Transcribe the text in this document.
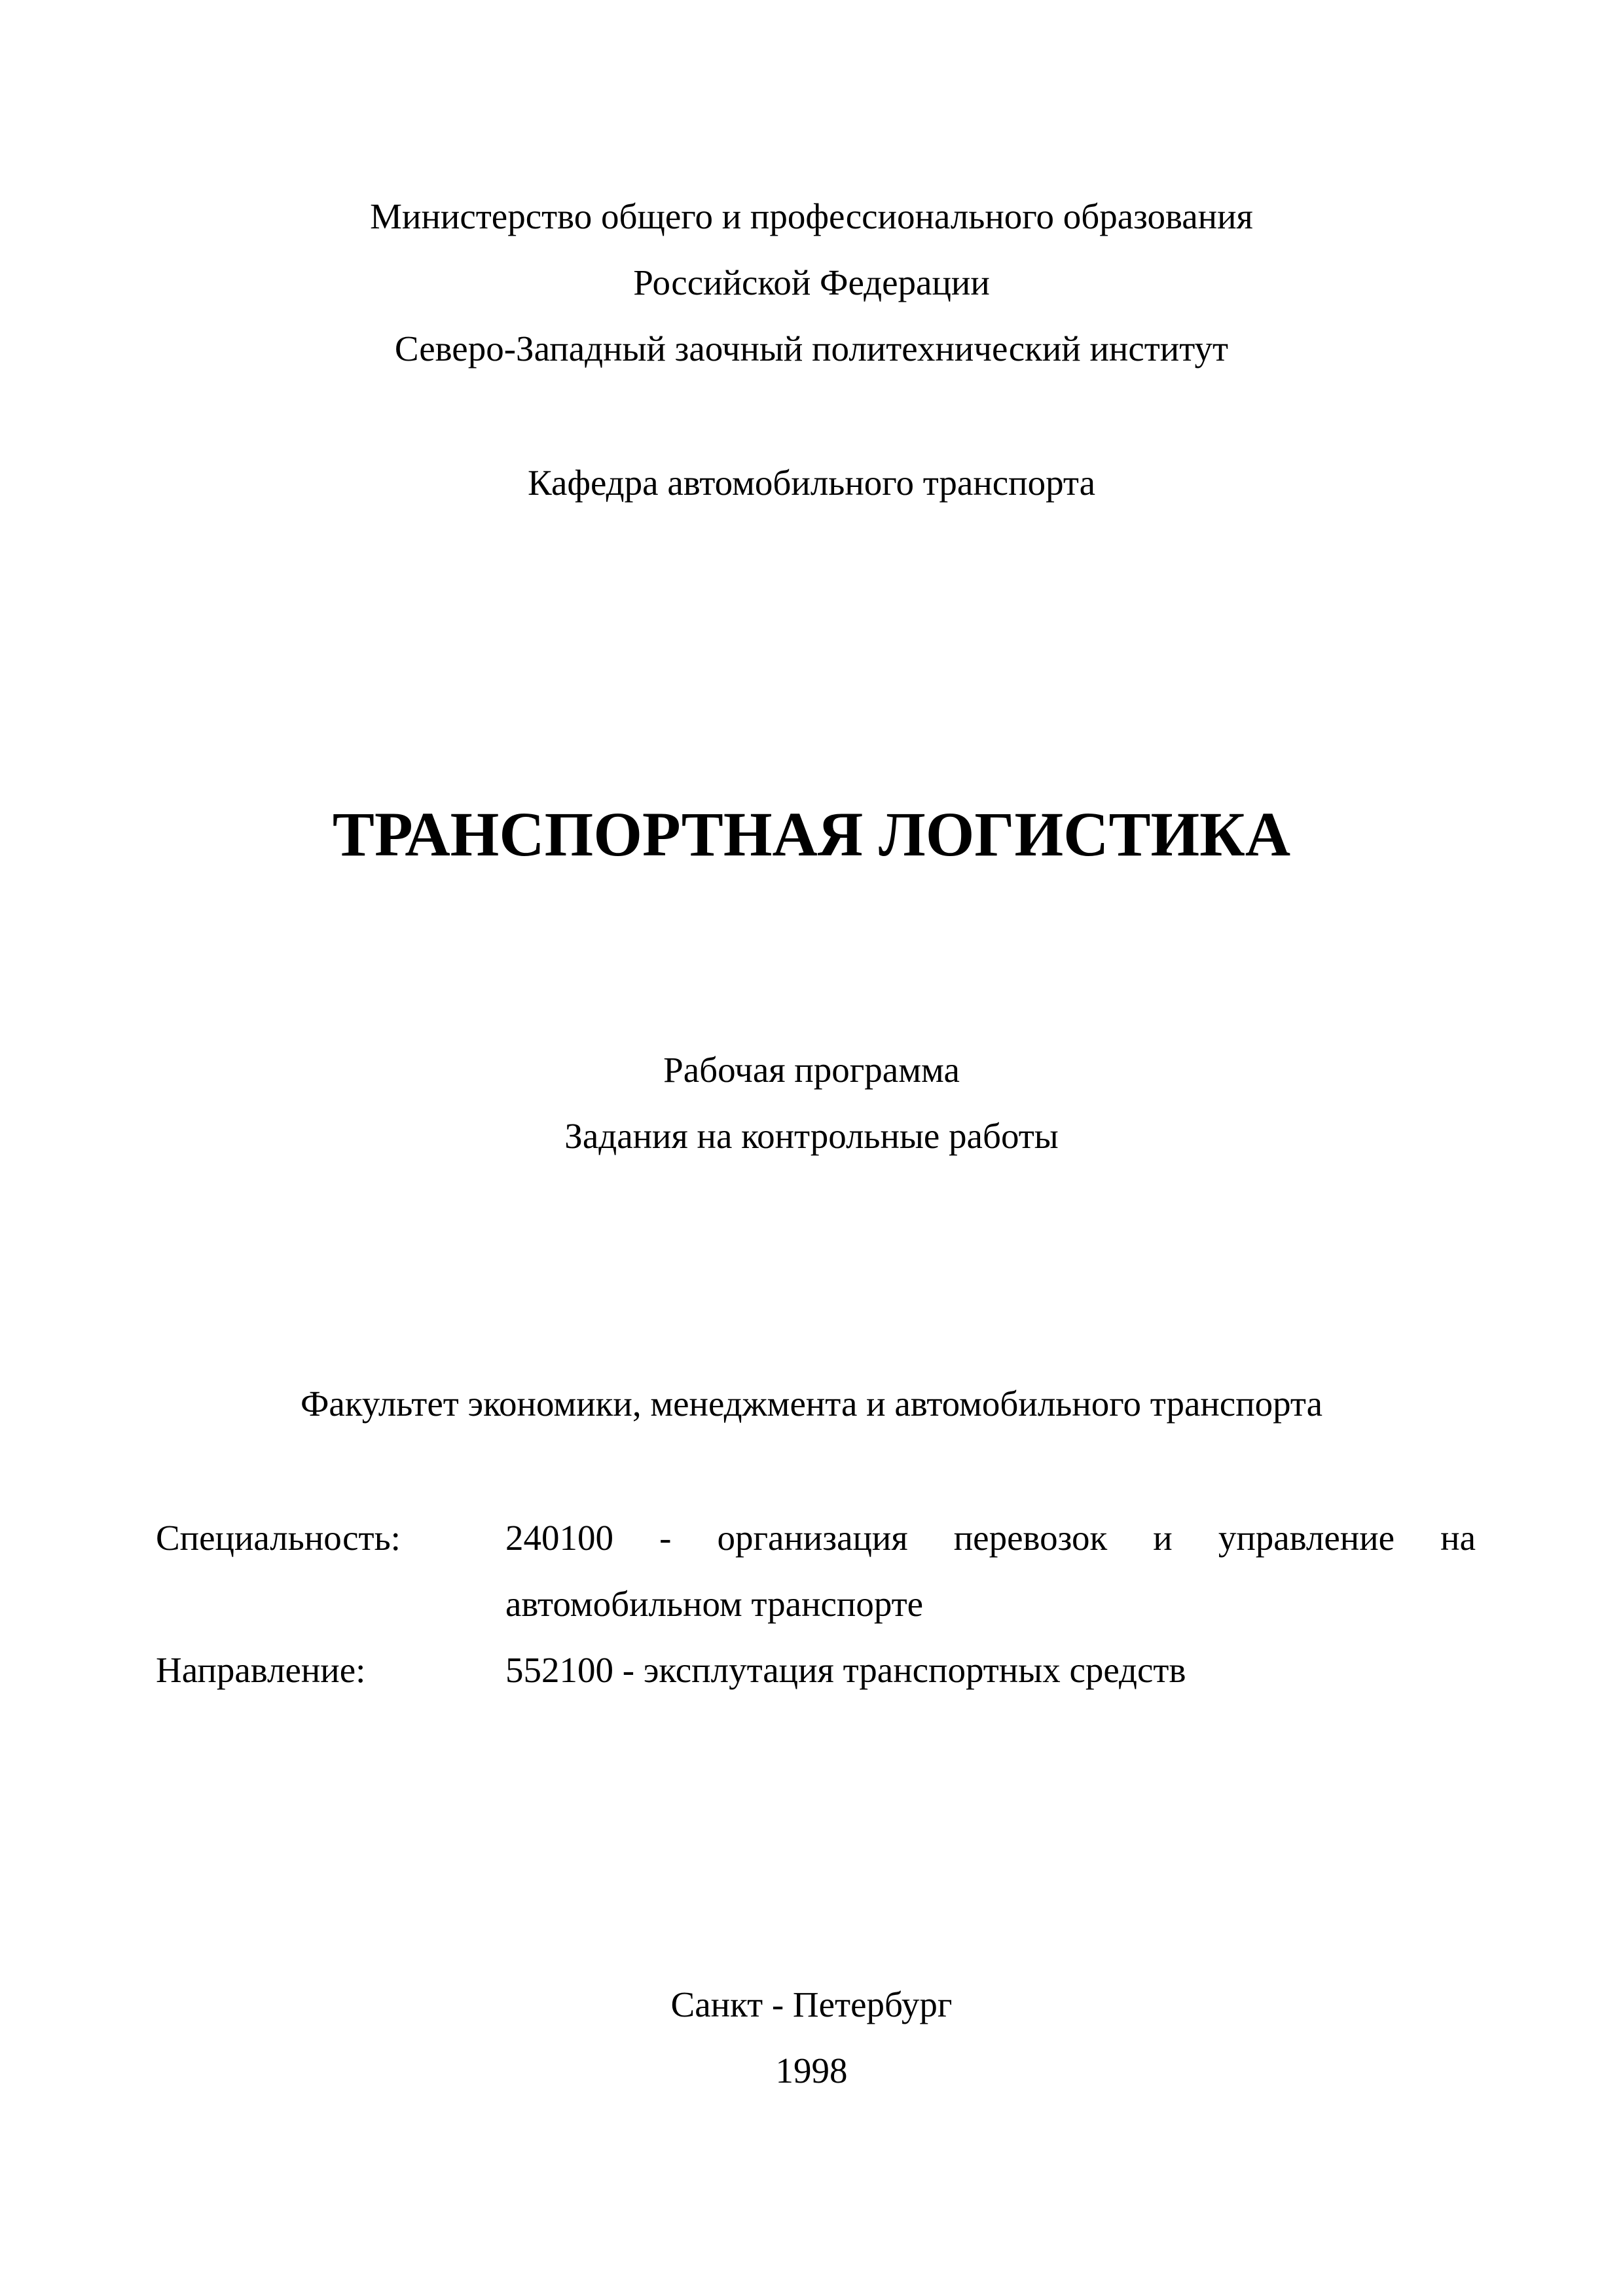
Министерство общего и профессионального образования
Российской Федерации
Северо-Западный заочный политехнический институт
Кафедра автомобильного транспорта
ТРАНСПОРТНАЯ ЛОГИСТИКА
Рабочая программа
Задания на контрольные работы
Факультет экономики, менеджмента и автомобильного транспорта
Специальность:	240100 - организация перевозок и управление на
автомобильном транспорте
Направление:	552100 - эксплутация транспортных средств
Санкт - Петербург
1998
